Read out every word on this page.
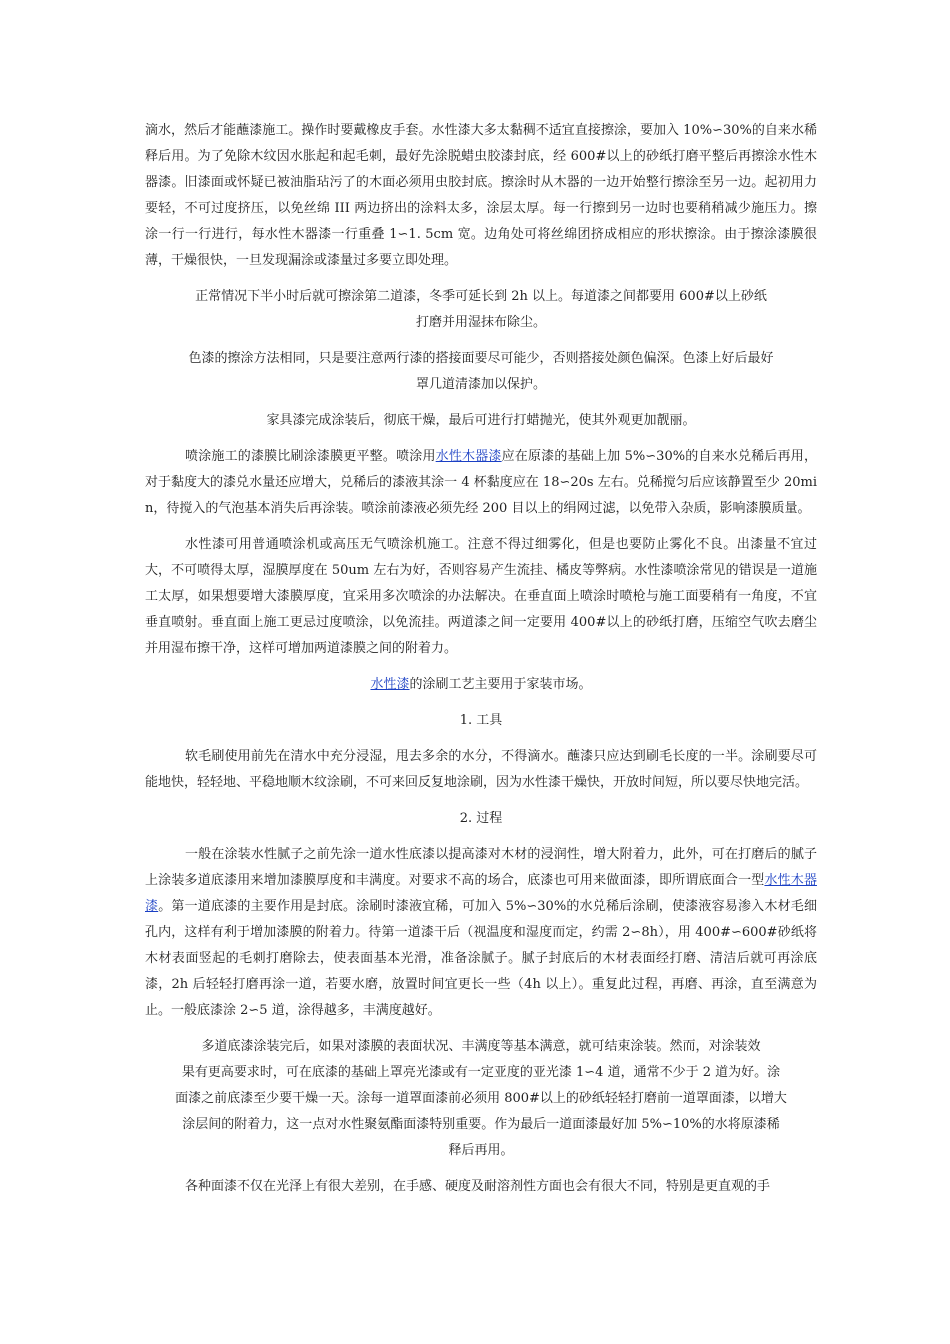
滴水，然后才能蘸漆施工。操作时要戴橡皮手套。水性漆大多太黏稠不适宜直接擦涂，要加入 10%∽30%的自来水稀释后用。为了免除木纹因水胀起和起毛刺，最好先涂脱蜡虫胶漆封底，经 600#以上的砂纸打磨平整后再擦涂水性木器漆。旧漆面或怀疑已被油脂玷污了的木面必须用虫胶封底。擦涂时从木器的一边开始整行擦涂至另一边。起初用力要轻，不可过度挤压，以免丝绵 III 两边挤出的涂料太多，涂层太厚。每一行擦到另一边时也要稍稍减少施压力。擦涂一行一行进行，每水性木器漆一行重叠 1∽1. 5cm 宽。边角处可将丝绵团挤成相应的形状擦涂。由于擦涂漆膜很薄，干燥很快，一旦发现漏涂或漆量过多要立即处理。

正常情况下半小时后就可擦涂第二道漆，冬季可延长到 2h 以上。每道漆之间都要用 600#以上砂纸
打磨并用湿抹布除尘。
色漆的擦涂方法相同，只是要注意两行漆的搭接面要尽可能少，否则搭接处颜色偏深。色漆上好后最好
罩几道清漆加以保护。
家具漆完成涂装后，彻底干燥，最后可进行打蜡抛光，使其外观更加靓丽。

喷涂施工的漆膜比刷涂漆膜更平整。喷涂用水性木器漆应在原漆的基础上加 5%∽30%的自来水兑稀后再用，对于黏度大的漆兑水量还应增大，兑稀后的漆液其涂一 4 杯黏度应在 18∽20s 左右。兑稀搅匀后应该静置至少 20min，待搅入的气泡基本消失后再涂装。喷涂前漆液必须先经 200 目以上的绢网过滤，以免带入杂质，影响漆膜质量。

水性漆可用普通喷涂机或高压无气喷涂机施工。注意不得过细雾化，但是也要防止雾化不良。出漆量不宜过大，不可喷得太厚，湿膜厚度在 50um 左右为好，否则容易产生流挂、橘皮等弊病。水性漆喷涂常见的错误是一道施工太厚，如果想要增大漆膜厚度，宜采用多次喷涂的办法解决。在垂直面上喷涂时喷枪与施工面要稍有一角度，不宜垂直喷射。垂直面上施工更忌过度喷涂，以免流挂。两道漆之间一定要用 400#以上的砂纸打磨，压缩空气吹去磨尘并用湿布擦干净，这样可增加两道漆膜之间的附着力。

水性漆的涂刷工艺主要用于家装市场。
1. 工具

软毛刷使用前先在清水中充分浸湿，甩去多余的水分，不得滴水。蘸漆只应达到刷毛长度的一半。涂刷要尽可能地快，轻轻地、平稳地顺木纹涂刷，不可来回反复地涂刷，因为水性漆干燥快，开放时间短，所以要尽快地完活。

2. 过程

一般在涂装水性腻子之前先涂一道水性底漆以提高漆对木材的浸润性，增大附着力，此外，可在打磨后的腻子上涂装多道底漆用来增加漆膜厚度和丰满度。对要求不高的场合，底漆也可用来做面漆，即所谓底面合一型水性木器漆。第一道底漆的主要作用是封底。涂刷时漆液宜稀，可加入 5%∽30%的水兑稀后涂刷，使漆液容易渗入木材毛细孔内，这样有利于增加漆膜的附着力。待第一道漆干后（视温度和湿度而定，约需 2∽8h），用 400#∽600#砂纸将木材表面竖起的毛刺打磨除去，使表面基本光滑，准备涂腻子。腻子封底后的木材表面经打磨、清洁后就可再涂底漆，2h 后轻轻打磨再涂一道，若要水磨，放置时间宜更长一些（4h 以上）。重复此过程，再磨、再涂，直至满意为止。一般底漆涂 2∽5 道，涂得越多，丰满度越好。

多道底漆涂装完后，如果对漆膜的表面状况、丰满度等基本满意，就可结束涂装。然而，对涂装效
果有更高要求时，可在底漆的基础上罩亮光漆或有一定亚度的亚光漆 1∽4 道，通常不少于 2 道为好。涂
面漆之前底漆至少要干燥一天。涂每一道罩面漆前必须用 800#以上的砂纸轻轻打磨前一道罩面漆，以增大
涂层间的附着力，这一点对水性聚氨酯面漆特别重要。作为最后一道面漆最好加 5%∽10%的水将原漆稀
释后再用。

各种面漆不仅在光泽上有很大差别，在手感、硬度及耐溶剂性方面也会有很大不同，特别是更直观的手
